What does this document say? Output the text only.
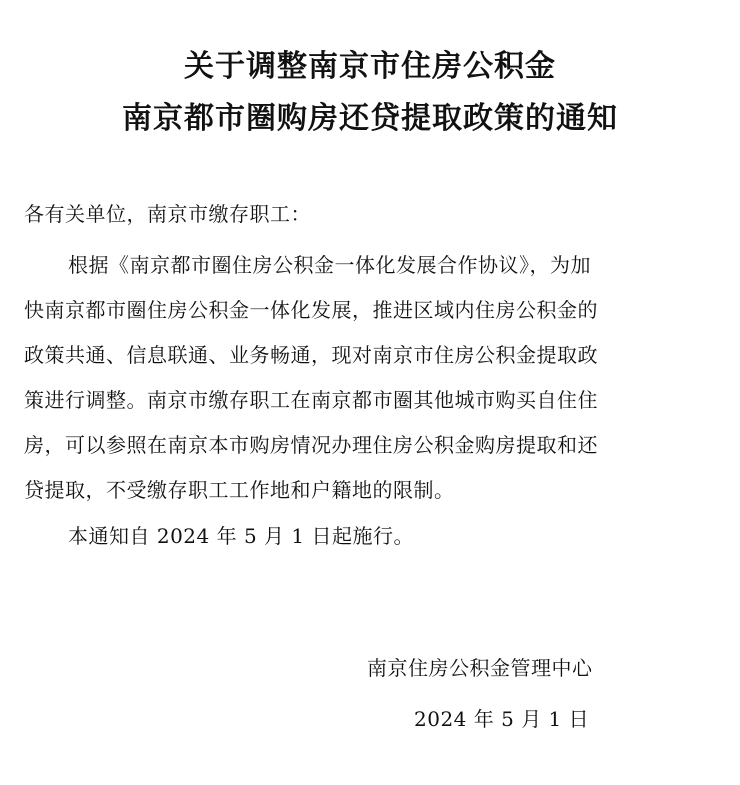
关于调整南京市住房公积金
南京都市圈购房还贷提取政策的通知
各有关单位，南京市缴存职工：
根据《南京都市圈住房公积金一体化发展合作协议》，为加
快南京都市圈住房公积金一体化发展，推进区域内住房公积金的
政策共通、信息联通、业务畅通，现对南京市住房公积金提取政
策进行调整。南京市缴存职工在南京都市圈其他城市购买自住住
房，可以参照在南京本市购房情况办理住房公积金购房提取和还
贷提取，不受缴存职工工作地和户籍地的限制。
本通知自 2024 年 5 月 1 日起施行。
南京住房公积金管理中心
2024 年 5 月 1 日
